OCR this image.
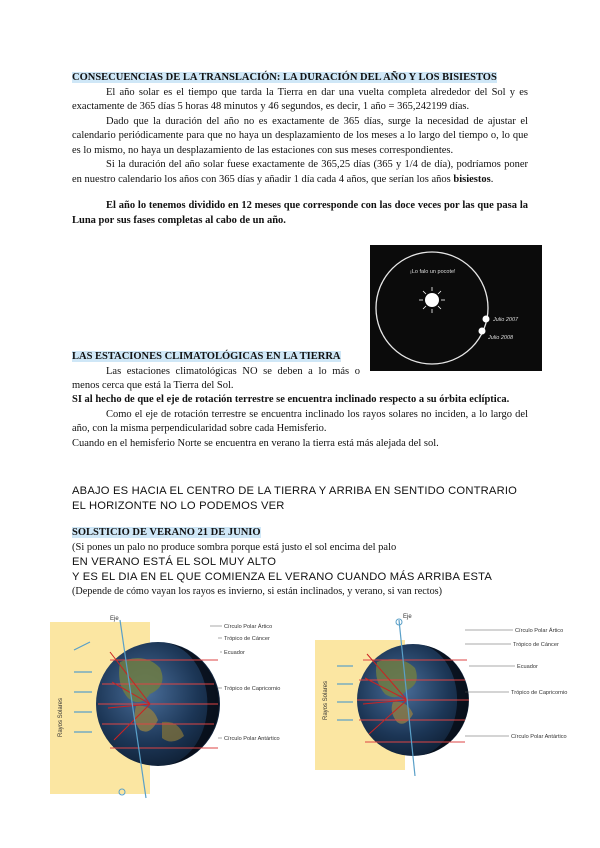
CONSECUENCIAS DE LA TRANSLACIÓN: LA DURACIÓN DEL AÑO Y LOS BISIESTOS

El año solar es el tiempo que tarda la Tierra en dar una vuelta completa alrededor del Sol y es exactamente de 365 días 5 horas 48 minutos y 46 segundos, es decir, 1 año = 365,242199 días.

Dado que la duración del año no es exactamente de 365 días, surge la necesidad de ajustar el calendario periódicamente para que no haya un desplazamiento de los meses a lo largo del tiempo o, lo que es lo mismo, no haya un desplazamiento de las estaciones con sus meses correspondientes.

Si la duración del año solar fuese exactamente de 365,25 días (365 y 1/4 de día), podríamos poner en nuestro calendario los años con 365 días y añadir 1 día cada 4 años, que serían los años bisiestos.

El año lo tenemos dividido en 12 meses que corresponde con las doce veces por las que pasa la Luna por sus fases completas al cabo de un año.

¡Lo falo un pocote!
Julio 2007
Julio 2008

LAS ESTACIONES CLIMATOLÓGICAS EN LA TIERRA

Las estaciones climatológicas NO se deben a lo más o menos cerca que está la Tierra del Sol.

SI al hecho de que el eje de rotación terrestre se encuentra inclinado respecto a su órbita eclíptica.

Como el eje de rotación terrestre se encuentra inclinado los rayos solares no inciden, a lo largo del año, con la misma perpendicularidad sobre cada Hemisferio.

Cuando en el hemisferio Norte se encuentra en verano la tierra está más alejada del sol.

ABAJO ES HACIA EL CENTRO DE LA TIERRA Y ARRIBA EN SENTIDO CONTRARIO

EL HORIZONTE NO LO PODEMOS VER

SOLSTICIO DE VERANO 21 DE JUNIO

(Si pones un palo no produce sombra porque está justo el sol encima del palo

EN VERANO ESTÁ EL SOL MUY ALTO

Y ES EL DIA EN EL QUE COMIENZA EL VERANO CUANDO MÁS ARRIBA ESTA

(Depende de cómo vayan los rayos es invierno, si están inclinados, y verano, si van rectos)

Eje
Rayos Solares
Círculo Polar Ártico
Trópico de Cáncer
Ecuador
Trópico de Capricornio
Círculo Polar Antártico
Eje
Rayos Solares
Círculo Polar Ártico
Trópico de Cáncer
Ecuador
Trópico de Capricornio
Círculo Polar Antártico
